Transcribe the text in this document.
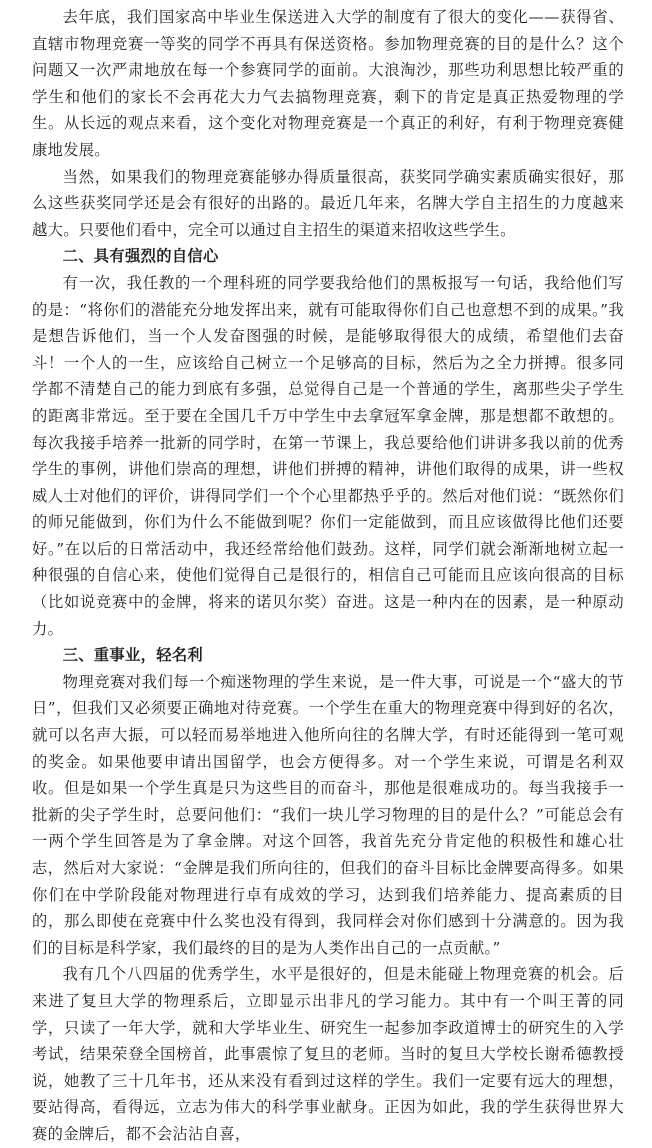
去年底，我们国家高中毕业生保送进入大学的制度有了很大的变化——获得省、直辖市物理竞赛一等奖的同学不再具有保送资格。参加物理竞赛的目的是什么？这个问题又一次严肃地放在每一个参赛同学的面前。大浪淘沙，那些功利思想比较严重的学生和他们的家长不会再花大力气去搞物理竞赛，剩下的肯定是真正热爱物理的学生。从长远的观点来看，这个变化对物理竞赛是一个真正的利好，有利于物理竞赛健康地发展。

当然，如果我们的物理竞赛能够办得质量很高，获奖同学确实素质确实很好，那么这些获奖同学还是会有很好的出路的。最近几年来，名牌大学自主招生的力度越来越大。只要他们看中，完全可以通过自主招生的渠道来招收这些学生。

二、具有强烈的自信心

有一次，我任教的一个理科班的同学要我给他们的黑板报写一句话，我给他们写的是：“将你们的潜能充分地发挥出来，就有可能取得你们自己也意想不到的成果。”我是想告诉他们，当一个人发奋图强的时候，是能够取得很大的成绩，希望他们去奋斗！一个人的一生，应该给自己树立一个足够高的目标，然后为之全力拼搏。很多同学都不清楚自己的能力到底有多强，总觉得自己是一个普通的学生，离那些尖子学生的距离非常远。至于要在全国几千万中学生中去拿冠军拿金牌，那是想都不敢想的。每次我接手培养一批新的同学时，在第一节课上，我总要给他们讲讲多我以前的优秀学生的事例，讲他们崇高的理想，讲他们拼搏的精神，讲他们取得的成果，讲一些权威人士对他们的评价，讲得同学们一个个心里都热乎乎的。然后对他们说：“既然你们的师兄能做到，你们为什么不能做到呢？你们一定能做到，而且应该做得比他们还要好。”在以后的日常活动中，我还经常给他们鼓劲。这样，同学们就会渐渐地树立起一种很强的自信心来，使他们觉得自己是很行的，相信自己可能而且应该向很高的目标（比如说竞赛中的金牌，将来的诺贝尔奖）奋进。这是一种内在的因素，是一种原动力。

三、重事业，轻名利

物理竞赛对我们每一个痴迷物理的学生来说，是一件大事，可说是一个“盛大的节日”，但我们又必须要正确地对待竞赛。一个学生在重大的物理竞赛中得到好的名次，就可以名声大振，可以轻而易举地进入他所向往的名牌大学，有时还能得到一笔可观的奖金。如果他要申请出国留学，也会方便得多。对一个学生来说，可谓是名利双收。但是如果一个学生真是只为这些目的而奋斗，那他是很难成功的。每当我接手一批新的尖子学生时，总要问他们：“我们一块儿学习物理的目的是什么？”可能总会有一两个学生回答是为了拿金牌。对这个回答，我首先充分肯定他的积极性和雄心壮志，然后对大家说：“金牌是我们所向往的，但我们的奋斗目标比金牌要高得多。如果你们在中学阶段能对物理进行卓有成效的学习，达到我们培养能力、提高素质的目的，那么即使在竞赛中什么奖也没有得到，我同样会对你们感到十分满意的。因为我们的目标是科学家，我们最终的目的是为人类作出自己的一点贡献。”

我有几个八四届的优秀学生，水平是很好的，但是未能碰上物理竞赛的机会。后来进了复旦大学的物理系后，立即显示出非凡的学习能力。其中有一个叫王菁的同学，只读了一年大学，就和大学毕业生、研究生一起参加李政道博士的研究生的入学考试，结果荣登全国榜首，此事震惊了复旦的老师。当时的复旦大学校长谢希德教授说，她教了三十几年书，还从来没有看到过这样的学生。我们一定要有远大的理想，要站得高，看得远，立志为伟大的科学事业献身。正因为如此，我的学生获得世界大赛的金牌后，都不会沾沾自喜，
